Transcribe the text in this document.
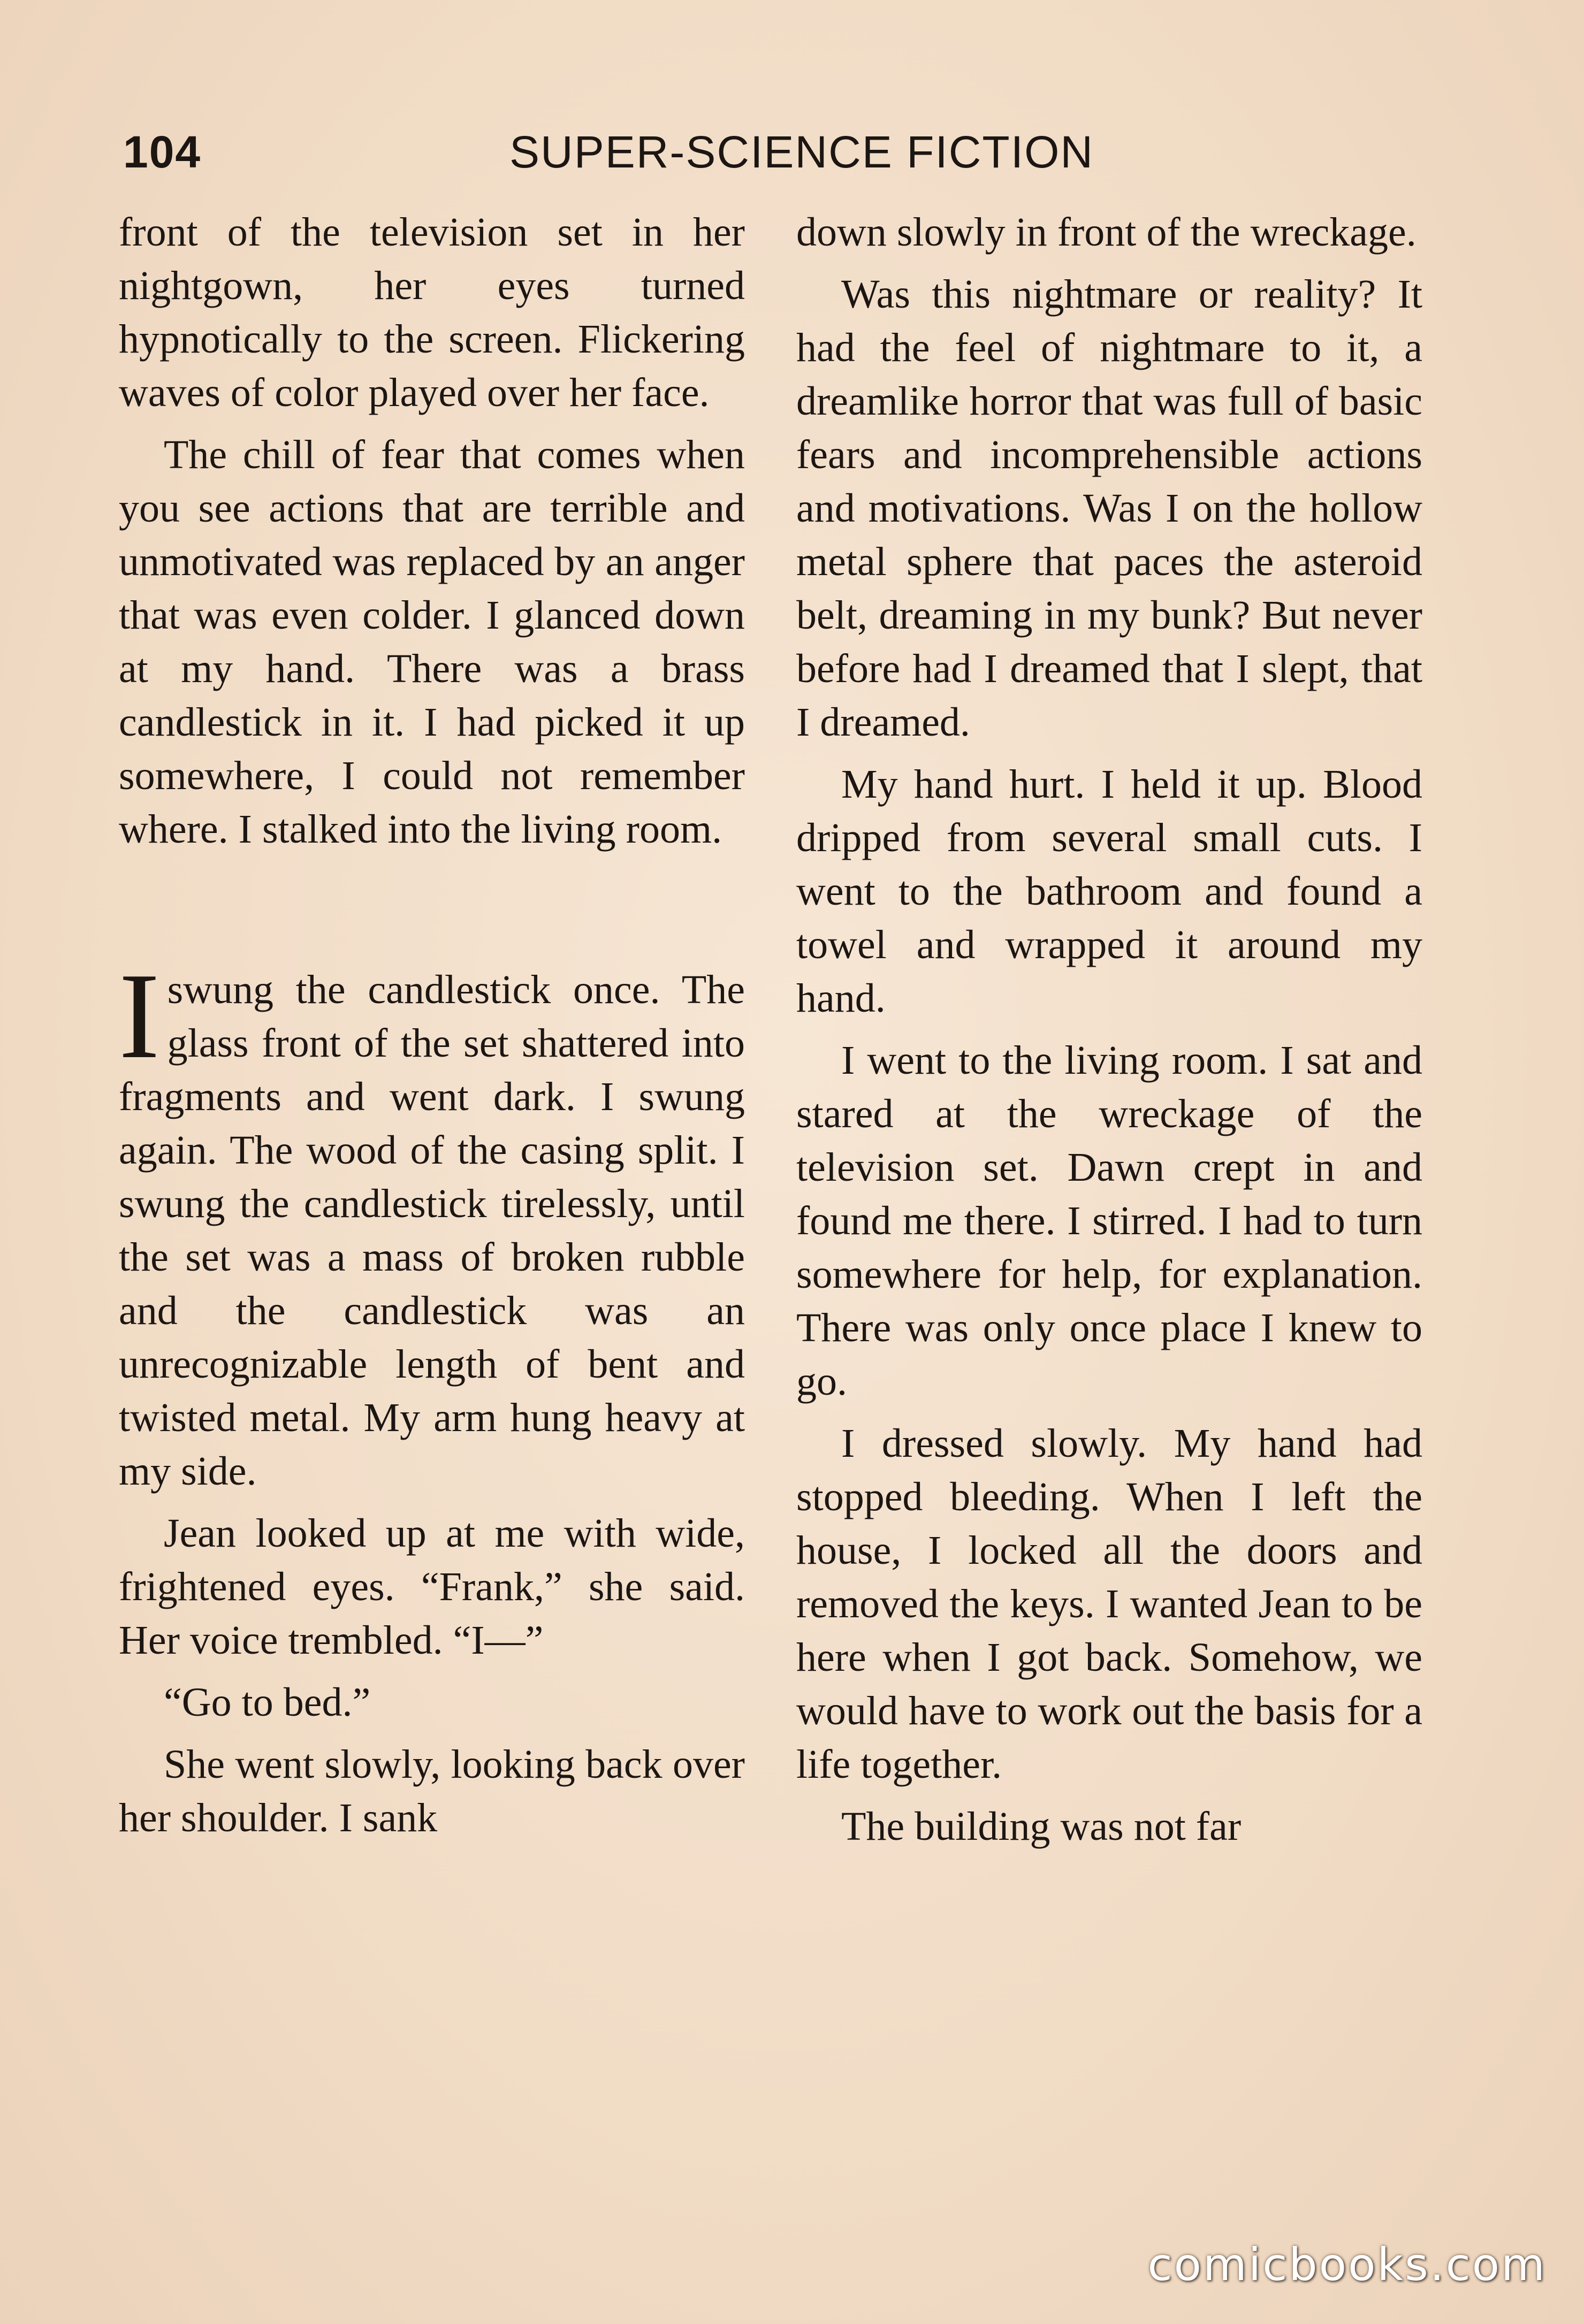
104	SUPER-SCIENCE FICTION

front of the television set in her nightgown, her eyes turned hypnotically to the screen. Flickering waves of color played over her face.

The chill of fear that comes when you see actions that are terrible and unmotivated was replaced by an anger that was even colder. I glanced down at my hand. There was a brass candlestick in it. I had picked it up somewhere, I could not remember where. I stalked into the living room.

I swung the candlestick once. The glass front of the set shattered into fragments and went dark. I swung again. The wood of the casing split. I swung the candlestick tirelessly, until the set was a mass of broken rubble and the candlestick was an unrecognizable length of bent and twisted metal. My arm hung heavy at my side.

Jean looked up at me with wide, frightened eyes. “Frank,” she said. Her voice trembled. “I—”

“Go to bed.”

She went slowly, looking back over her shoulder. I sank

down slowly in front of the wreckage.

Was this nightmare or reality? It had the feel of nightmare to it, a dreamlike horror that was full of basic fears and incomprehensible actions and motivations. Was I on the hollow metal sphere that paces the asteroid belt, dreaming in my bunk? But never before had I dreamed that I slept, that I dreamed.

My hand hurt. I held it up. Blood dripped from several small cuts. I went to the bathroom and found a towel and wrapped it around my hand.

I went to the living room. I sat and stared at the wreckage of the television set. Dawn crept in and found me there. I stirred. I had to turn somewhere for help, for explanation. There was only once place I knew to go.

I dressed slowly. My hand had stopped bleeding. When I left the house, I locked all the doors and removed the keys. I wanted Jean to be here when I got back. Somehow, we would have to work out the basis for a life together.

The building was not far

comicbooks.com
